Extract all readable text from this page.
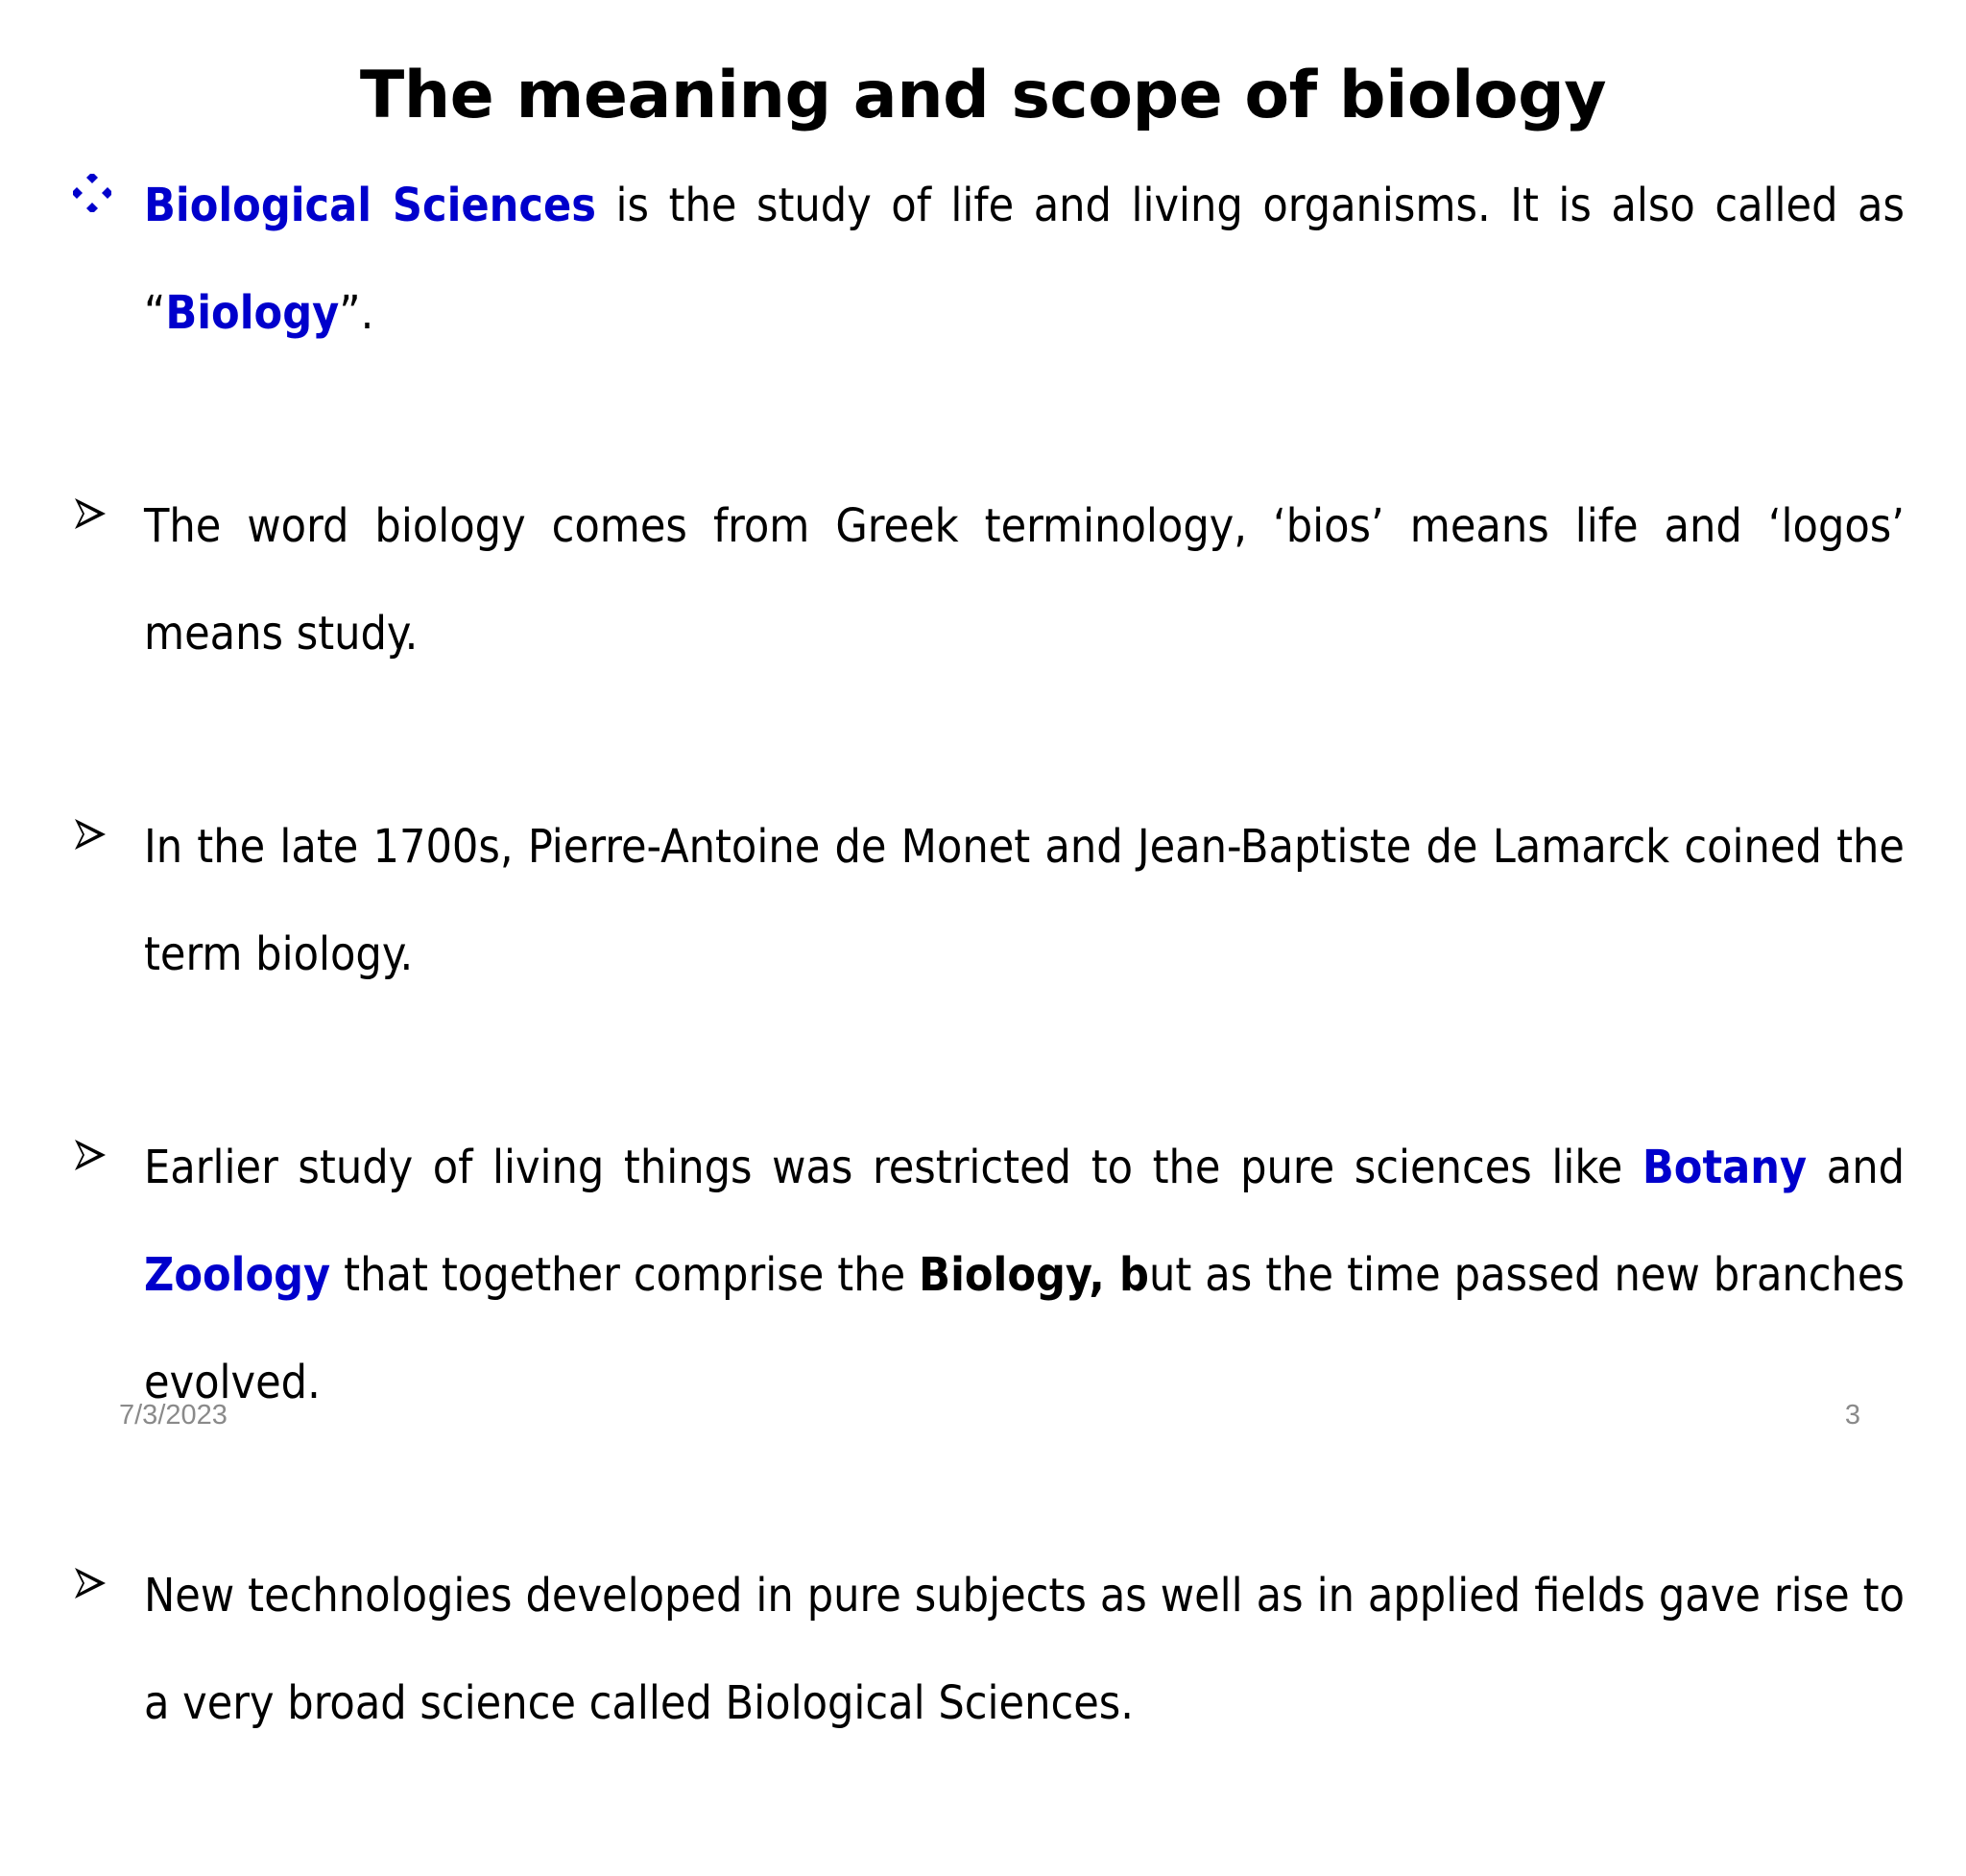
The meaning and scope of biology
Biological Sciences is the study of life and living organisms. It is also called as “Biology”.
The word biology comes from Greek terminology, ‘bios’ means life and ‘logos’ means study.
In the late 1700s, Pierre-Antoine de Monet and Jean-Baptiste de Lamarck coined the term biology.
Earlier study of living things was restricted to the pure sciences like Botany and Zoology that together comprise the Biology, but as the time passed new branches evolved.
New technologies developed in pure subjects as well as in applied fields gave rise to a very broad science called Biological Sciences.
7/3/2023	3
